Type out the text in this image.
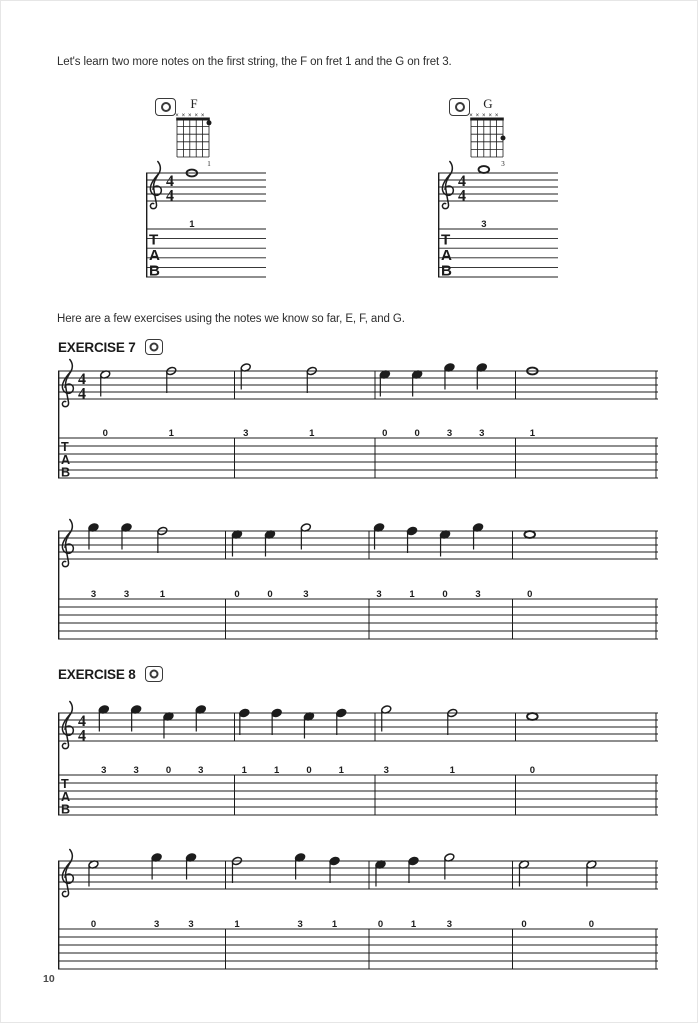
Let's learn two more notes on the first string, the F on fret 1 and the G on fret 3.

F
× × × × ×
1
4
4
T
A
B
1
G
× × × × ×
3
4
4
T
A
B
3

Here are a few exercises using the notes we know so far, E, F, and G.

EXERCISE 7
4
4
T
A
B
0	1	3	1	0	0	3	3	1
3	3	1	0	0	3	3	1	0	3	0
EXERCISE 8
4
4
T
A
B
3	3	0	3	1	1	0	1	3	1	0
0	3	3	1	3	1	0	1	3	0	0
10
